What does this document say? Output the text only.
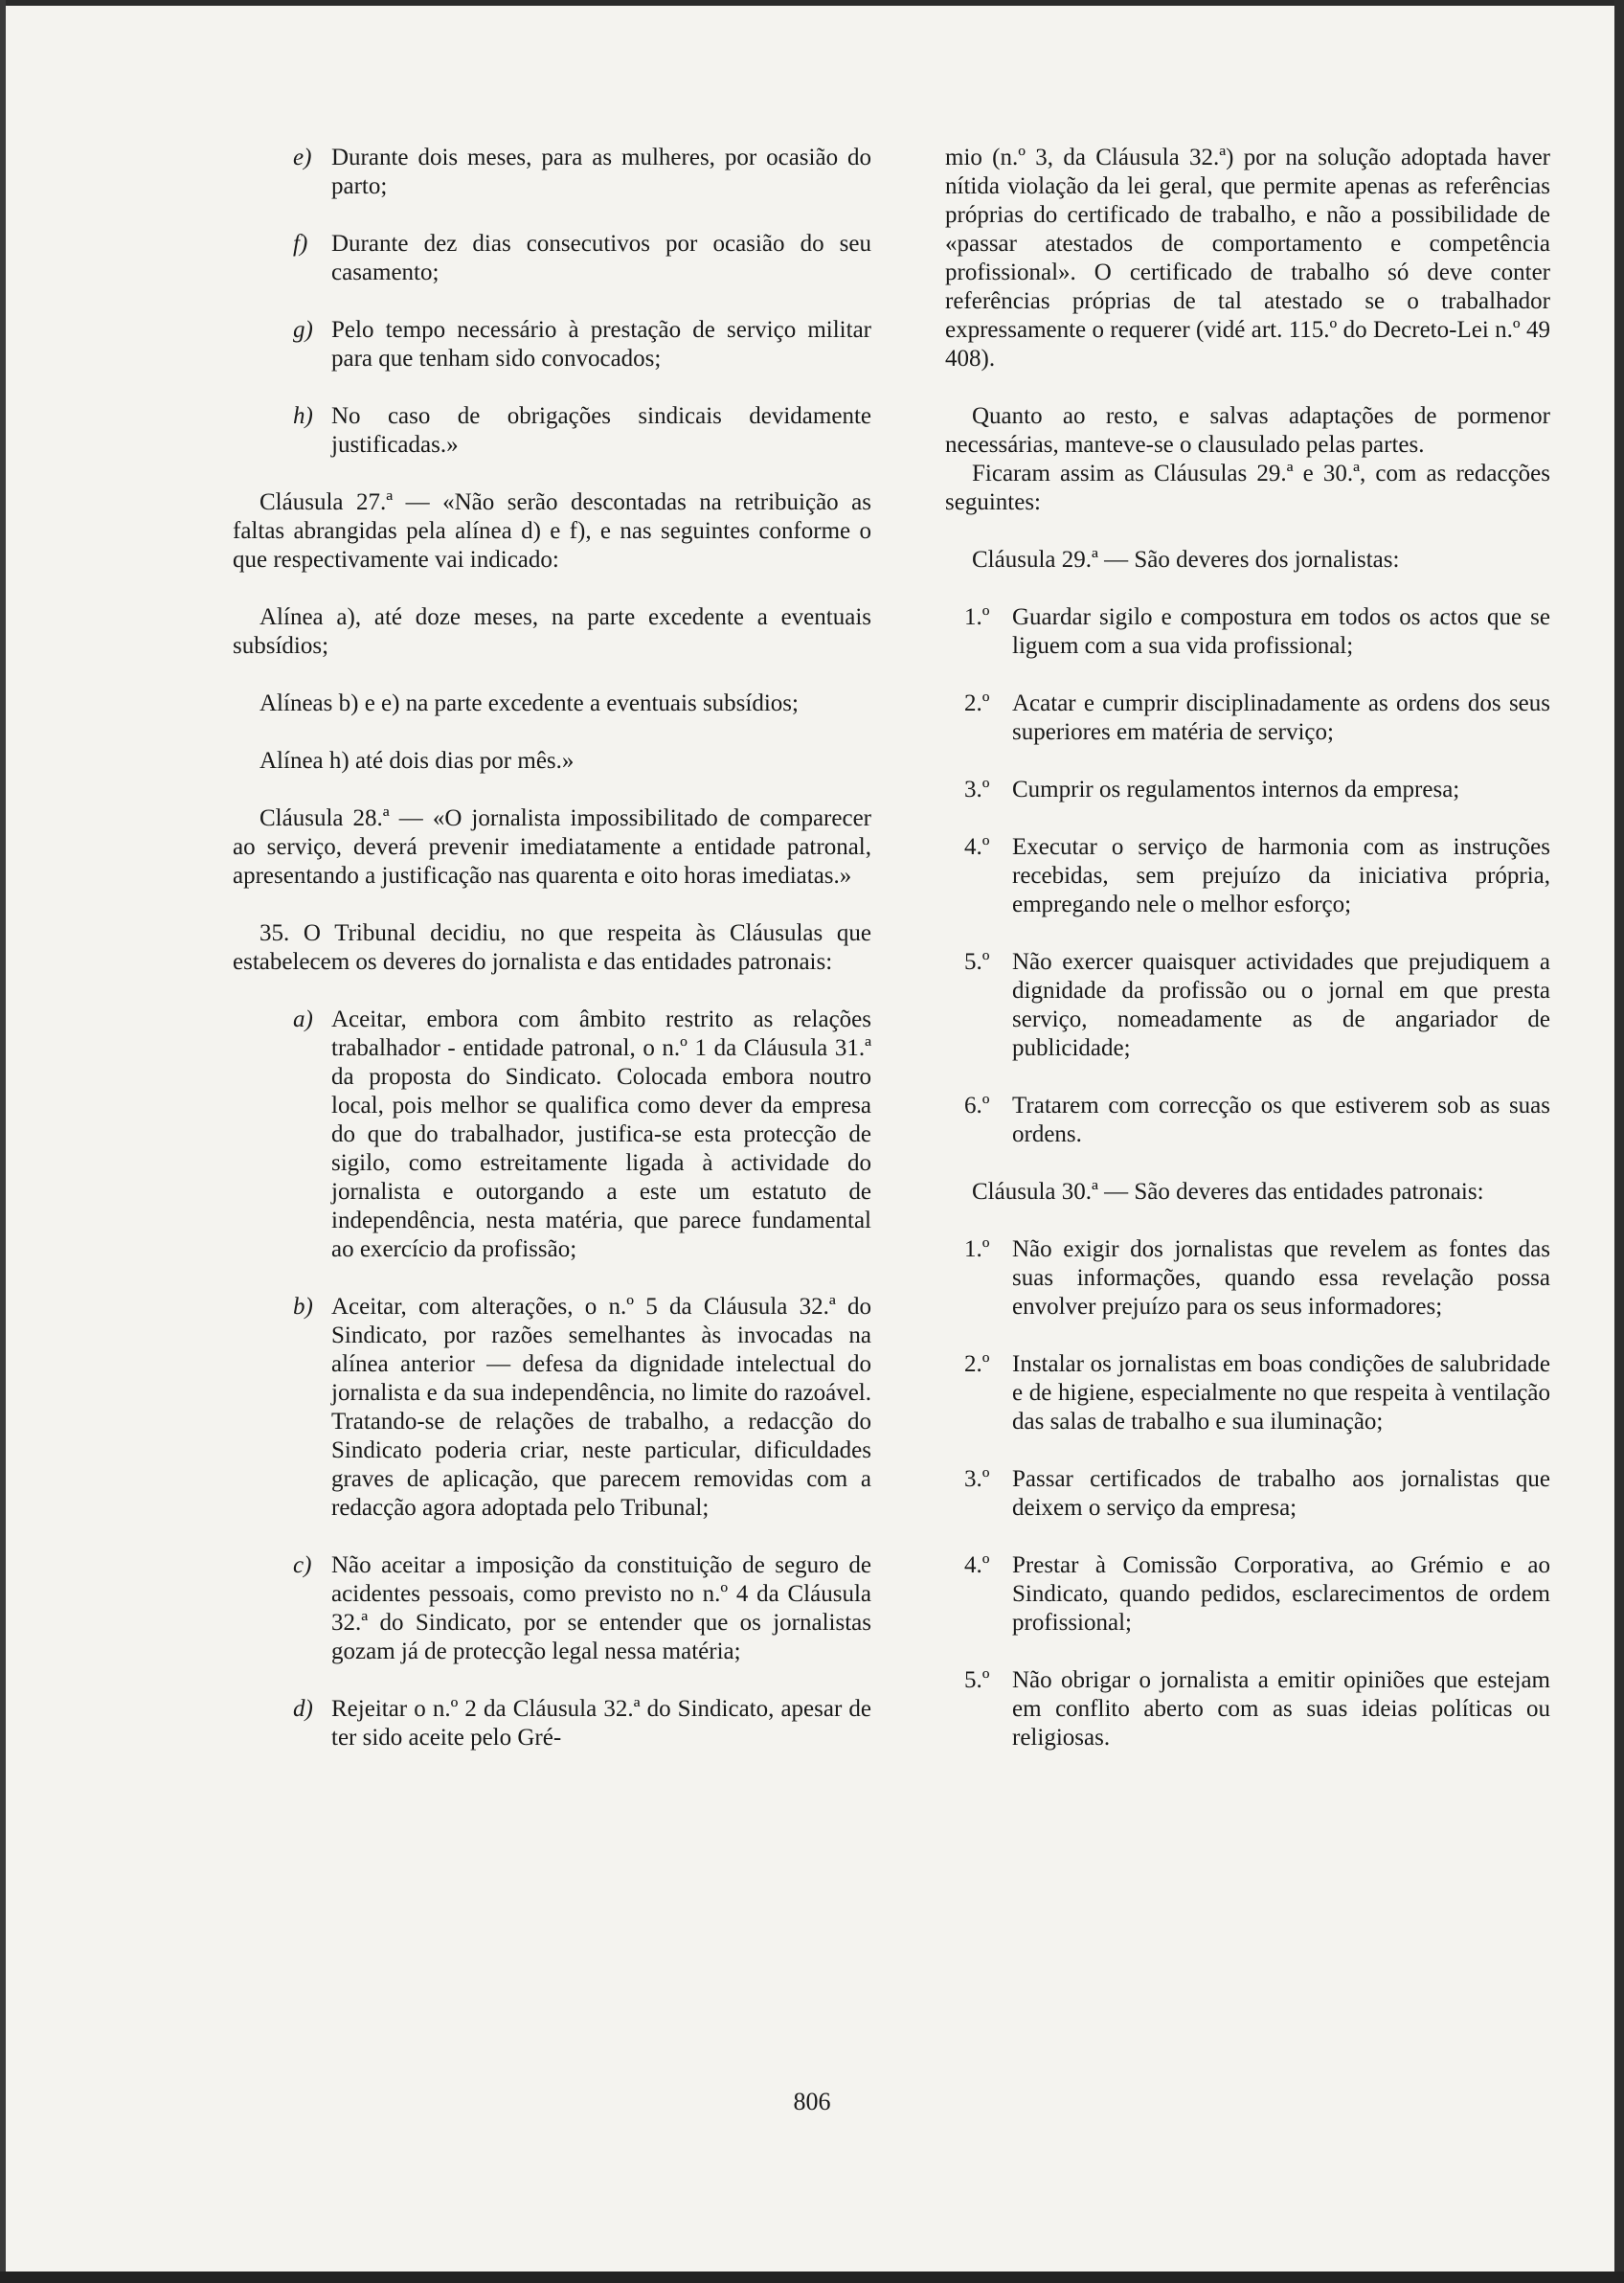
e) Durante dois meses, para as mulheres, por ocasião do parto;
f) Durante dez dias consecutivos por ocasião do seu casamento;
g) Pelo tempo necessário à prestação de serviço militar para que tenham sido convocados;
h) No caso de obrigações sindicais devidamente justificadas.»

Cláusula 27.ª — «Não serão descontadas na retribuição as faltas abrangidas pela alínea d) e f), e nas seguintes conforme o que respectivamente vai indicado:

Alínea a), até doze meses, na parte excedente a eventuais subsídios;

Alíneas b) e e) na parte excedente a eventuais subsídios;

Alínea h) até dois dias por mês.»

Cláusula 28.ª — «O jornalista impossibilitado de comparecer ao serviço, deverá prevenir imediatamente a entidade patronal, apresentando a justificação nas quarenta e oito horas imediatas.»

35. O Tribunal decidiu, no que respeita às Cláusulas que estabelecem os deveres do jornalista e das entidades patronais:

a) Aceitar, embora com âmbito restrito as relações trabalhador - entidade patronal, o n.º 1 da Cláusula 31.ª da proposta do Sindicato. Colocada embora noutro local, pois melhor se qualifica como dever da empresa do que do trabalhador, justifica-se esta protecção de sigilo, como estreitamente ligada à actividade do jornalista e outorgando a este um estatuto de independência, nesta matéria, que parece fundamental ao exercício da profissão;
b) Aceitar, com alterações, o n.º 5 da Cláusula 32.ª do Sindicato, por razões semelhantes às invocadas na alínea anterior — defesa da dignidade intelectual do jornalista e da sua independência, no limite do razoável. Tratando-se de relações de trabalho, a redacção do Sindicato poderia criar, neste particular, dificuldades graves de aplicação, que parecem removidas com a redacção agora adoptada pelo Tribunal;
c) Não aceitar a imposição da constituição de seguro de acidentes pessoais, como previsto no n.º 4 da Cláusula 32.ª do Sindicato, por se entender que os jornalistas gozam já de protecção legal nessa matéria;
d) Rejeitar o n.º 2 da Cláusula 32.ª do Sindicato, apesar de ter sido aceite pelo Gré-

mio (n.º 3, da Cláusula 32.ª) por na solução adoptada haver nítida violação da lei geral, que permite apenas as referências próprias do certificado de trabalho, e não a possibilidade de «passar atestados de comportamento e competência profissional». O certificado de trabalho só deve conter referências próprias de tal atestado se o trabalhador expressamente o requerer (vidé art. 115.º do Decreto-Lei n.º 49 408).

Quanto ao resto, e salvas adaptações de pormenor necessárias, manteve-se o clausulado pelas partes.

Ficaram assim as Cláusulas 29.ª e 30.ª, com as redacções seguintes:

Cláusula 29.ª — São deveres dos jornalistas:

1.º Guardar sigilo e compostura em todos os actos que se liguem com a sua vida profissional;
2.º Acatar e cumprir disciplinadamente as ordens dos seus superiores em matéria de serviço;
3.º Cumprir os regulamentos internos da empresa;
4.º Executar o serviço de harmonia com as instruções recebidas, sem prejuízo da iniciativa própria, empregando nele o melhor esforço;
5.º Não exercer quaisquer actividades que prejudiquem a dignidade da profissão ou o jornal em que presta serviço, nomeadamente as de angariador de publicidade;
6.º Tratarem com correcção os que estiverem sob as suas ordens.

Cláusula 30.ª — São deveres das entidades patronais:

1.º Não exigir dos jornalistas que revelem as fontes das suas informações, quando essa revelação possa envolver prejuízo para os seus informadores;
2.º Instalar os jornalistas em boas condições de salubridade e de higiene, especialmente no que respeita à ventilação das salas de trabalho e sua iluminação;
3.º Passar certificados de trabalho aos jornalistas que deixem o serviço da empresa;
4.º Prestar à Comissão Corporativa, ao Grémio e ao Sindicato, quando pedidos, esclarecimentos de ordem profissional;
5.º Não obrigar o jornalista a emitir opiniões que estejam em conflito aberto com as suas ideias políticas ou religiosas.
806
